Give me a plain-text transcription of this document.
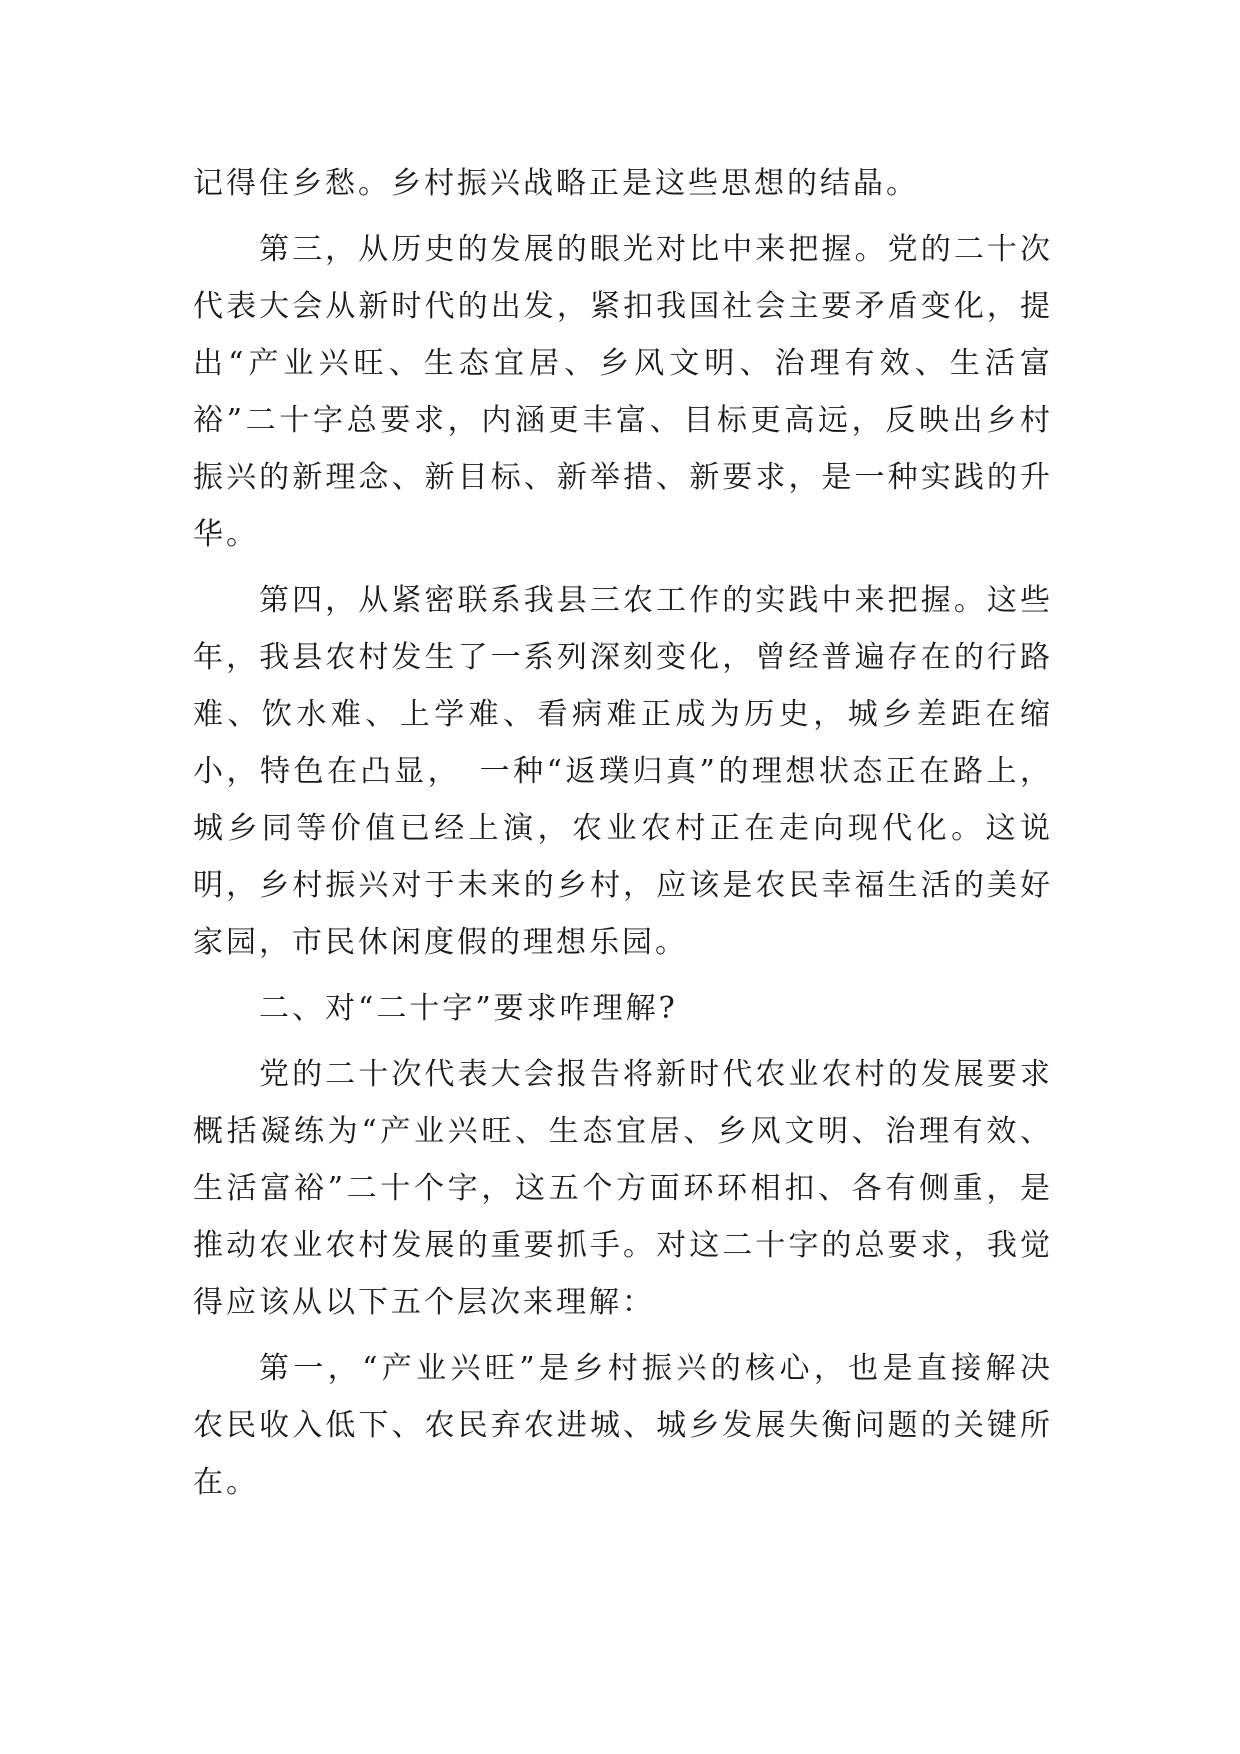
记得住乡愁。乡村振兴战略正是这些思想的结晶。

第三，从历史的发展的眼光对比中来把握。党的二十次代表大会从新时代的出发，紧扣我国社会主要矛盾变化，提出“产业兴旺、生态宜居、乡风文明、治理有效、生活富裕”二十字总要求，内涵更丰富、目标更高远，反映出乡村振兴的新理念、新目标、新举措、新要求，是一种实践的升华。

第四，从紧密联系我县三农工作的实践中来把握。这些年，我县农村发生了一系列深刻变化，曾经普遍存在的行路难、饮水难、上学难、看病难正成为历史，城乡差距在缩小，特色在凸显，　一种“返璞归真”的理想状态正在路上，城乡同等价值已经上演，农业农村正在走向现代化。这说明，乡村振兴对于未来的乡村，应该是农民幸福生活的美好家园，市民休闲度假的理想乐园。

二、对“二十字”要求咋理解?

党的二十次代表大会报告将新时代农业农村的发展要求概括凝练为“产业兴旺、生态宜居、乡风文明、治理有效、生活富裕”二十个字，这五个方面环环相扣、各有侧重，是推动农业农村发展的重要抓手。对这二十字的总要求，我觉得应该从以下五个层次来理解：

第一，“产业兴旺”是乡村振兴的核心，也是直接解决农民收入低下、农民弃农进城、城乡发展失衡问题的关键所在。
